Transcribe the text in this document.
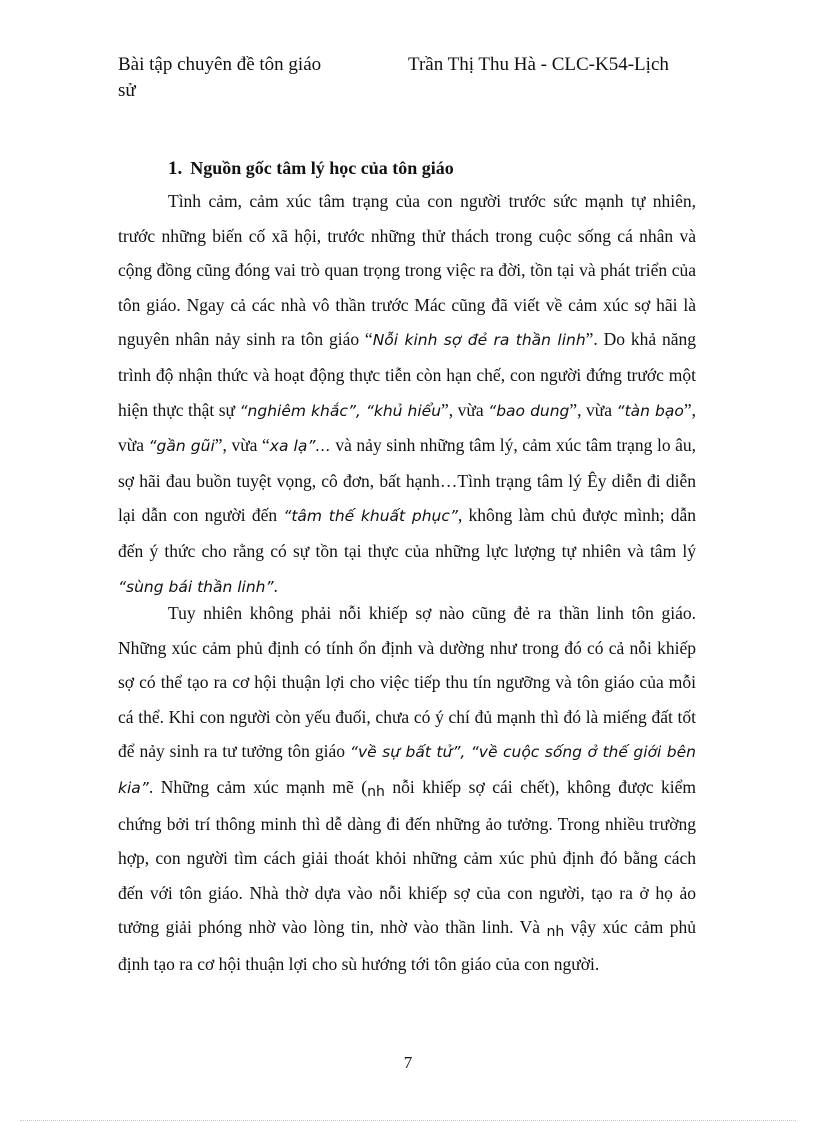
Bài tập chuyên đề tôn giáo	Trần Thị Thu Hà - CLC-K54-Lịch
sử
1. Nguồn gốc tâm lý học của tôn giáo

Tình cảm, cảm xúc tâm trạng của con người trước sức mạnh tự nhiên, trước những biến cố xã hội, trước những thử thách trong cuộc sống cá nhân và cộng đồng cũng đóng vai trò quan trọng trong việc ra đời, tồn tại và phát triển của tôn giáo. Ngay cả các nhà vô thần trước Mác cũng đã viết về cảm xúc sợ hãi là nguyên nhân nảy sinh ra tôn giáo “Nỗi kinh sợ đẻ ra thần linh”. Do khả năng trình độ nhận thức và hoạt động thực tiễn còn hạn chế, con người đứng trước một hiện thực thật sự “nghiêm khắc”, “khủ hiểu”, vừa “bao dung”, vừa “tàn bạo”, vừa “gần gũi”, vừa “xa lạ”… và nảy sinh những tâm lý, cảm xúc tâm trạng lo âu, sợ hãi đau buồn tuyệt vọng, cô đơn, bất hạnh…Tình trạng tâm lý Êy diễn đi diễn lại dẫn con người đến “tâm thế khuất phục”, không làm chủ được mình; dẫn đến ý thức cho rằng có sự tồn tại thực của những lực lượng tự nhiên và tâm lý “sùng bái thần linh”.

Tuy nhiên không phải nỗi khiếp sợ nào cũng đẻ ra thần linh tôn giáo. Những xúc cảm phủ định có tính ổn định và dường như trong đó có cả nỗi khiếp sợ có thể tạo ra cơ hội thuận lợi cho việc tiếp thu tín ngưỡng và tôn giáo của mỗi cá thể. Khi con người còn yếu đuối, chưa có ý chí đủ mạnh thì đó là miếng đất tốt để nảy sinh ra tư tưởng tôn giáo “về sự bất tử”, “về cuộc sống ở thế giới bên kia”. Những cảm xúc mạnh mẽ (nh nỗi khiếp sợ cái chết), không được kiểm chứng bởi trí thông minh thì dễ dàng đi đến những ảo tưởng. Trong nhiều trường hợp, con người tìm cách giải thoát khỏi những cảm xúc phủ định đó bằng cách đến với tôn giáo. Nhà thờ dựa vào nỗi khiếp sợ của con người, tạo ra ở họ ảo tưởng giải phóng nhờ vào lòng tin, nhờ vào thần linh. Và nh vậy xúc cảm phủ định tạo ra cơ hội thuận lợi cho sù hướng tới tôn giáo của con người.

7
